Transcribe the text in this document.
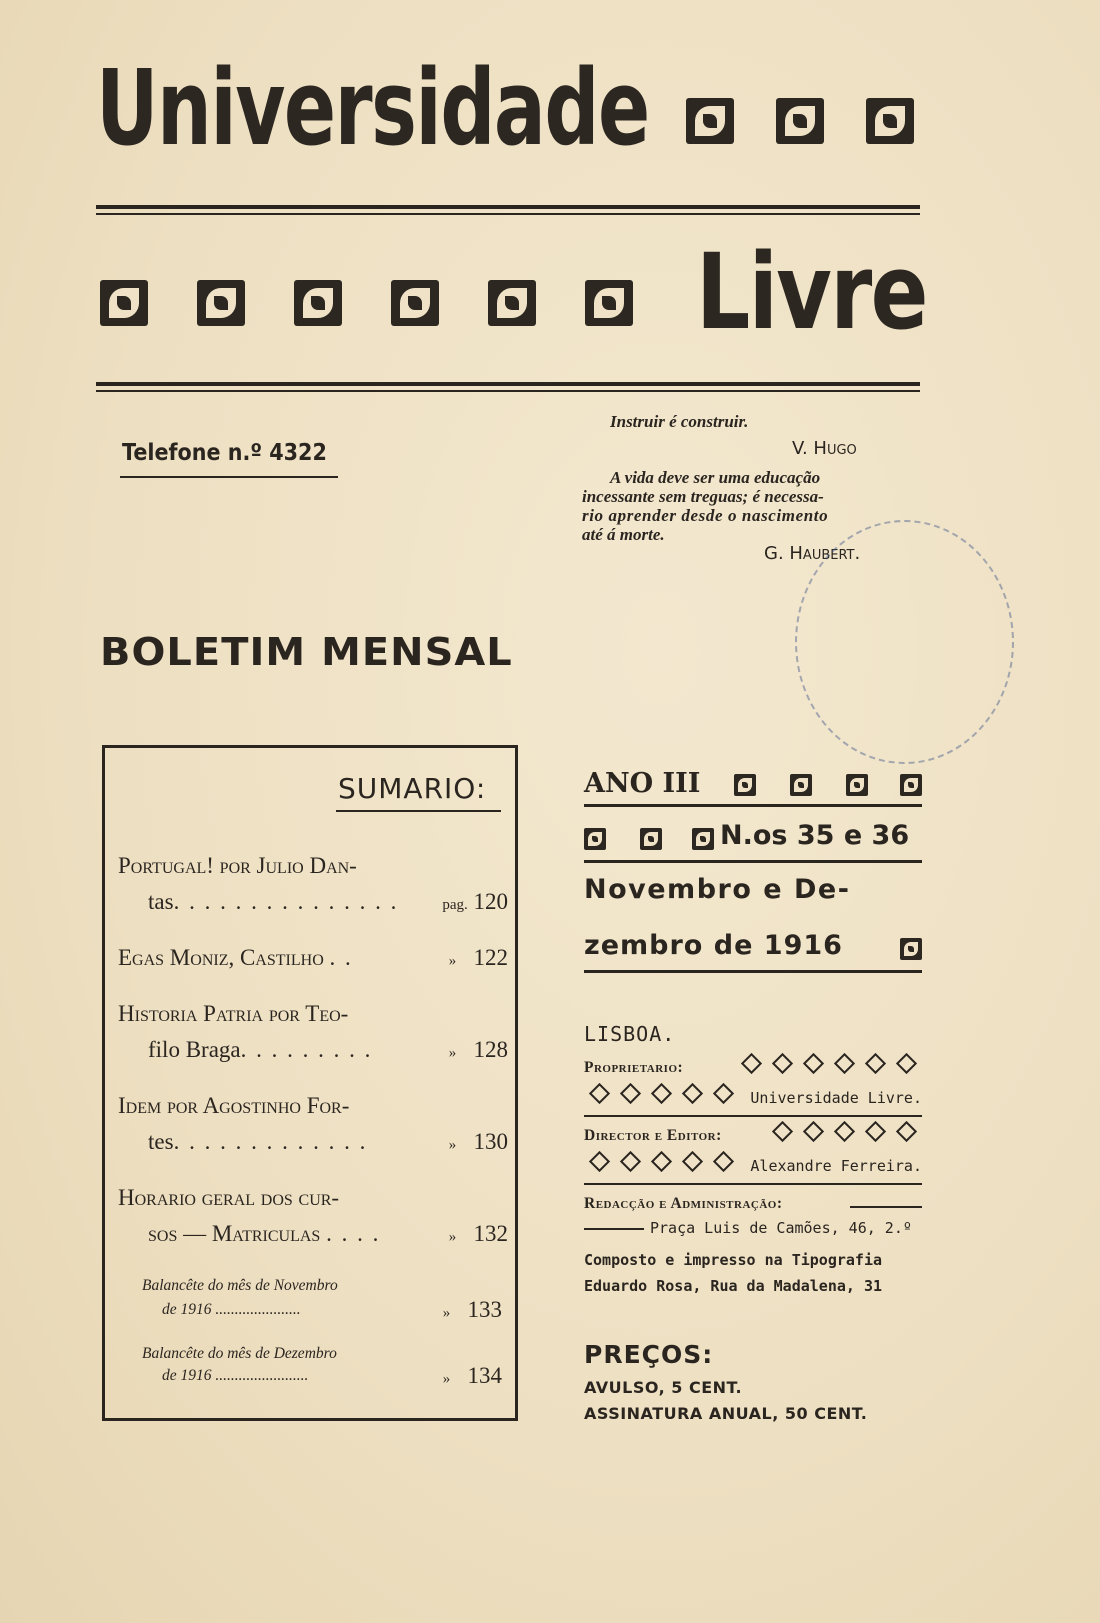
Universidade
Livre
Telefone n.º 4322
Instruir é construir.
V. Hugo
A vida deve ser uma educação
incessante sem treguas; é necessa-
rio aprender desde o nascimento
até á morte.
G. Haubert.
BOLETIM MENSAL
SUMARIO:
Portugal! por Julio Dan-
tas. . . . . . . . . . . . . . .	pag. 120
Egas Moniz, Castilho . .	» 122
Historia Patria por Teo-
filo Braga. . . . . . . . .	» 128
Idem por Agostinho For-
tes. . . . . . . . . . . . .	» 130
Horario geral dos cur-
sos — Matriculas . . . .	» 132
Balancête do mês de Novembro
de 1916 ......................	» 133
Balancête do mês de Dezembro
de 1916 ........................	» 134
ANO III
N.os 35 e 36
Novembro e De-
zembro de 1916
LISBOA.
Proprietario:
Universidade Livre.
Director e Editor:
Alexandre Ferreira.
Redacção e Administração:
Praça Luis de Camões, 46, 2.º
Composto e impresso na Tipografia
Eduardo Rosa, Rua da Madalena, 31
PREÇOS:
AVULSO, 5 CENT.
ASSINATURA ANUAL, 50 CENT.
